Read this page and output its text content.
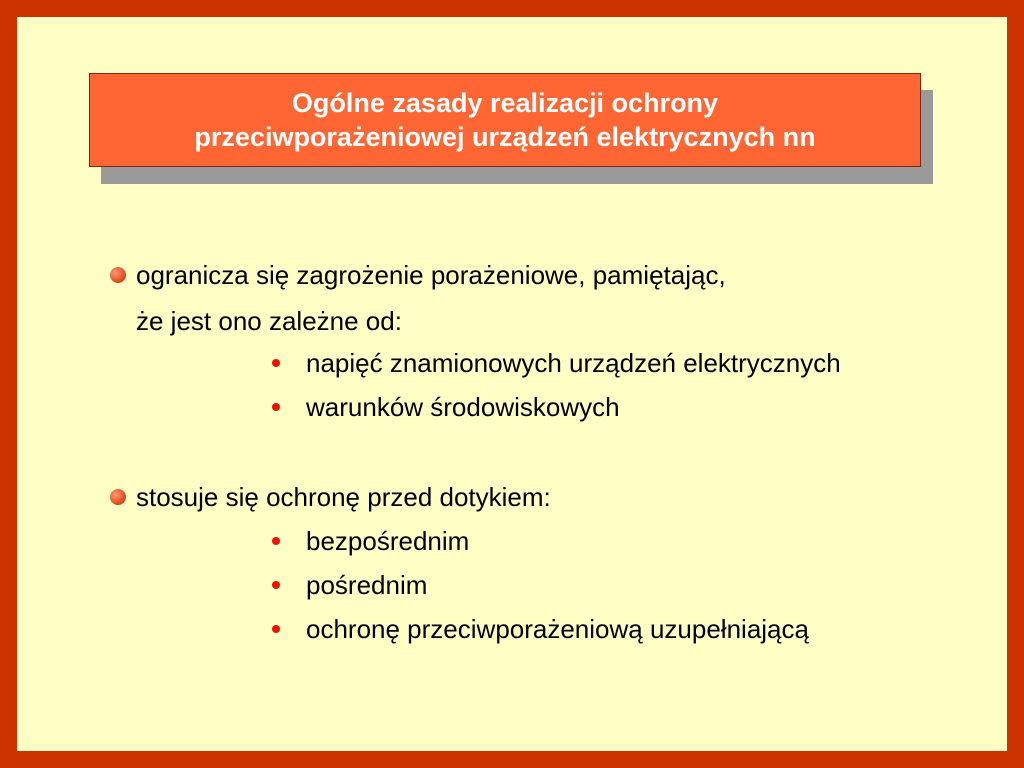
Ogólne zasady realizacji ochrony
przeciwporażeniowej urządzeń elektrycznych nn
ogranicza się zagrożenie porażeniowe, pamiętając,
że jest ono zależne od:
napięć znamionowych urządzeń elektrycznych
warunków środowiskowych
stosuje się ochronę przed dotykiem:
bezpośrednim
pośrednim
ochronę przeciwporażeniową uzupełniającą
